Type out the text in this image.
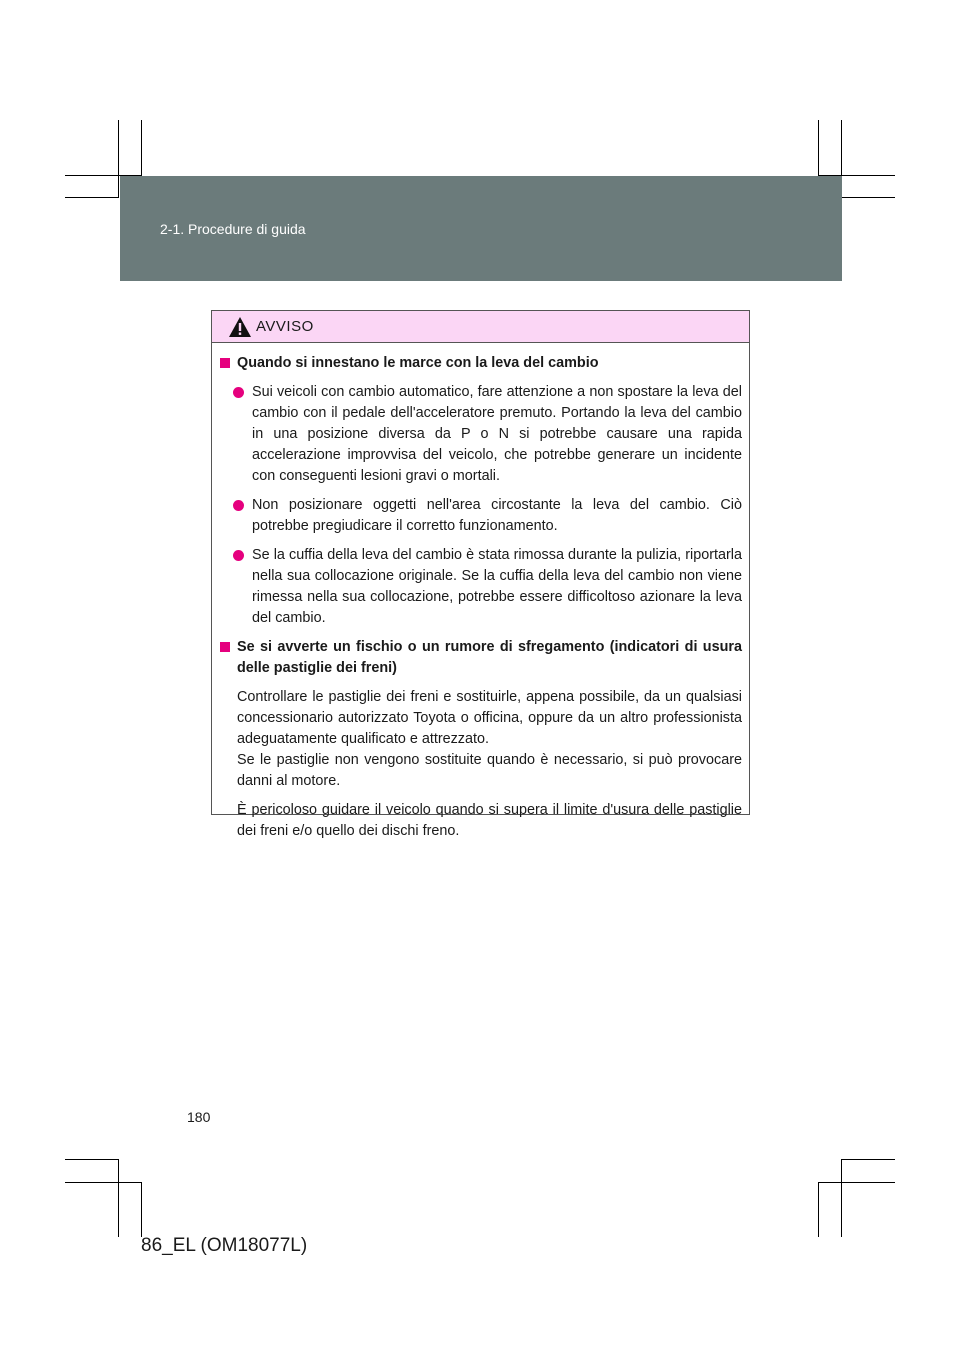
2-1. Procedure di guida
AVVISO
Quando si innestano le marce con la leva del cambio
Sui veicoli con cambio automatico, fare attenzione a non spostare la leva del cambio con il pedale dell'acceleratore premuto. Portando la leva del cambio in una posizione diversa da P o N si potrebbe causare una rapida accelerazione improvvisa del veicolo, che potrebbe generare un incidente con conseguenti lesioni gravi o mortali.
Non posizionare oggetti nell'area circostante la leva del cambio. Ciò potrebbe pregiudicare il corretto funzionamento.
Se la cuffia della leva del cambio è stata rimossa durante la pulizia, riportarla nella sua collocazione originale. Se la cuffia della leva del cambio non viene rimessa nella sua collocazione, potrebbe essere difficoltoso azionare la leva del cambio.
Se si avverte un fischio o un rumore di sfregamento (indicatori di usura delle pastiglie dei freni)
Controllare le pastiglie dei freni e sostituirle, appena possibile, da un qualsiasi concessionario autorizzato Toyota o officina, oppure da un altro professionista adeguatamente qualificato e attrezzato.
Se le pastiglie non vengono sostituite quando è necessario, si può provocare danni al motore.
È pericoloso guidare il veicolo quando si supera il limite d'usura delle pastiglie dei freni e/o quello dei dischi freno.
180
86_EL (OM18077L)
